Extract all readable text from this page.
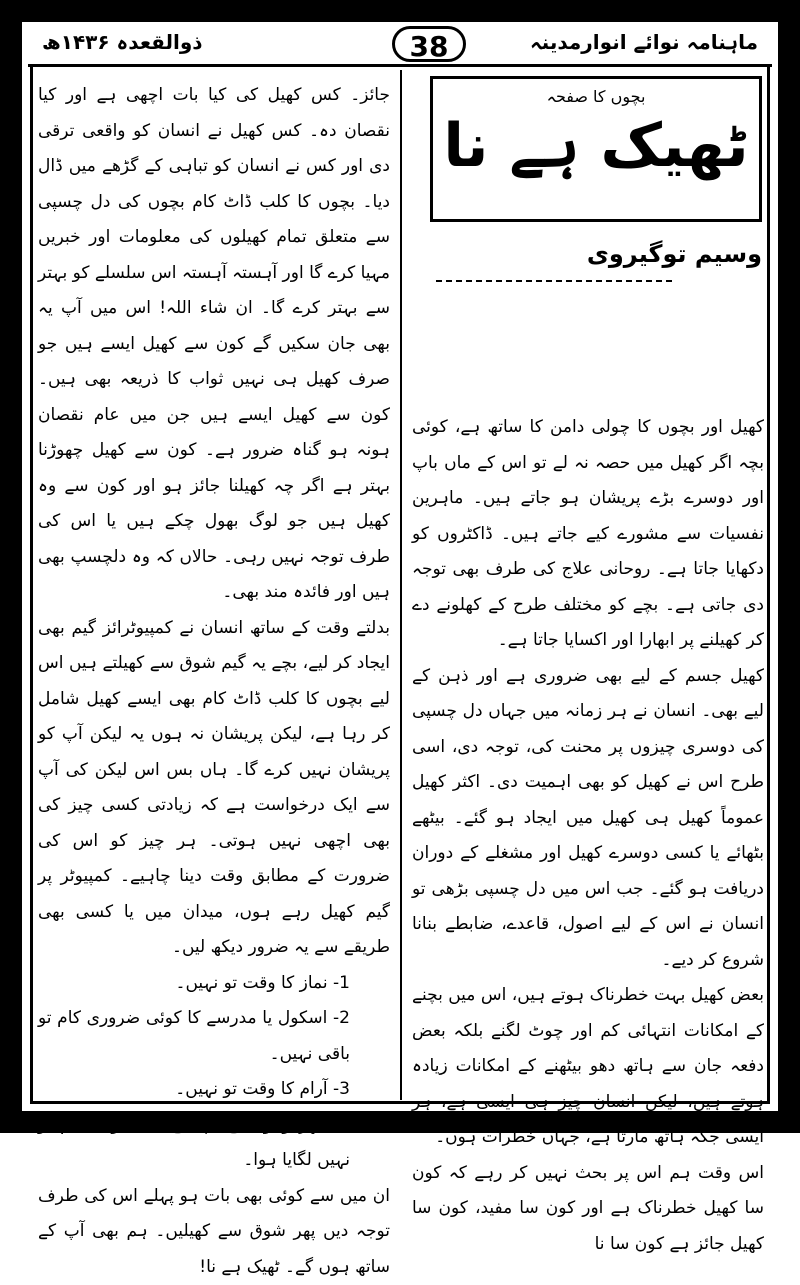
ماہنامہ نوائے انوارمدینہ
ذوالقعدہ ۱۴۳۶ھ	38
بچوں کا صفحہ
ٹھیک ہے نا
وسیم توگیروی

کھیل اور بچوں کا چولی دامن کا ساتھ ہے، کوئی بچہ اگر کھیل میں حصہ نہ لے تو اس کے ماں باپ اور دوسرے بڑے پریشان ہو جاتے ہیں۔ ماہرین نفسیات سے مشورے کیے جاتے ہیں۔ ڈاکٹروں کو دکھایا جاتا ہے۔ روحانی علاج کی طرف بھی توجہ دی جاتی ہے۔ بچے کو مختلف طرح کے کھلونے دے کر کھیلنے پر ابھارا اور اکسایا جاتا ہے۔

کھیل جسم کے لیے بھی ضروری ہے اور ذہن کے لیے بھی۔ انسان نے ہر زمانہ میں جہاں دل چسپی کی دوسری چیزوں پر محنت کی، توجہ دی، اسی طرح اس نے کھیل کو بھی اہمیت دی۔ اکثر کھیل عموماً کھیل ہی کھیل میں ایجاد ہو گئے۔ بیٹھے بٹھائے یا کسی دوسرے کھیل اور مشغلے کے دوران دریافت ہو گئے۔ جب اس میں دل چسپی بڑھی تو انسان نے اس کے لیے اصول، قاعدے، ضابطے بنانا شروع کر دیے۔

بعض کھیل بہت خطرناک ہوتے ہیں، اس میں بچنے کے امکانات انتہائی کم اور چوٹ لگنے بلکہ بعض دفعہ جان سے ہاتھ دھو بیٹھنے کے امکانات زیادہ ہوتے ہیں، لیکن انسان چیز ہی ایسی ہے، ہر ایسی جگہ ہاتھ مارتا ہے، جہاں خطرات ہوں۔

اس وقت ہم اس پر بحث نہیں کر رہے کہ کون سا کھیل خطرناک ہے اور کون سا مفید، کون سا کھیل جائز ہے کون سا نا

جائز۔ کس کھیل کی کیا بات اچھی ہے اور کیا نقصان دہ۔ کس کھیل نے انسان کو واقعی ترقی دی اور کس نے انسان کو تباہی کے گڑھے میں ڈال دیا۔ بچوں کا کلب ڈاٹ کام بچوں کی دل چسپی سے متعلق تمام کھیلوں کی معلومات اور خبریں مہیا کرے گا اور آہستہ آہستہ اس سلسلے کو بہتر سے بہتر کرے گا۔ ان شاء اللہ! اس میں آپ یہ بھی جان سکیں گے کون سے کھیل ایسے ہیں جو صرف کھیل ہی نہیں ثواب کا ذریعہ بھی ہیں۔ کون سے کھیل ایسے ہیں جن میں عام نقصان ہونہ ہو گناہ ضرور ہے۔ کون سے کھیل چھوڑنا بہتر ہے اگر چہ کھیلنا جائز ہو اور کون سے وہ کھیل ہیں جو لوگ بھول چکے ہیں یا اس کی طرف توجہ نہیں رہی۔ حالاں کہ وہ دلچسپ بھی ہیں اور فائدہ مند بھی۔

بدلتے وقت کے ساتھ انسان نے کمپیوٹرائز گیم بھی ایجاد کر لیے، بچے یہ گیم شوق سے کھیلتے ہیں اس لیے بچوں کا کلب ڈاٹ کام بھی ایسے کھیل شامل کر رہا ہے، لیکن پریشان نہ ہوں یہ لیکن آپ کو پریشان نہیں کرے گا۔ ہاں بس اس لیکن کی آپ سے ایک درخواست ہے کہ زیادتی کسی چیز کی بھی اچھی نہیں ہوتی۔ ہر چیز کو اس کی ضرورت کے مطابق وقت دینا چاہیے۔ کمپیوٹر پر گیم کھیل رہے ہوں، میدان میں یا کسی بھی طریقے سے یہ ضرور دیکھ لیں۔

1- نماز کا وقت تو نہیں۔

2- اسکول یا مدرسے کا کوئی ضروری کام تو باقی نہیں۔

3- آرام کا وقت تو نہیں۔

4- گھر والوں نے آپ کے ذمہ کوئی کام تو نہیں لگایا ہوا۔

ان میں سے کوئی بھی بات ہو پہلے اس کی طرف توجہ دیں پھر شوق سے کھیلیں۔ ہم بھی آپ کے ساتھ ہوں گے۔ ٹھیک ہے نا!
